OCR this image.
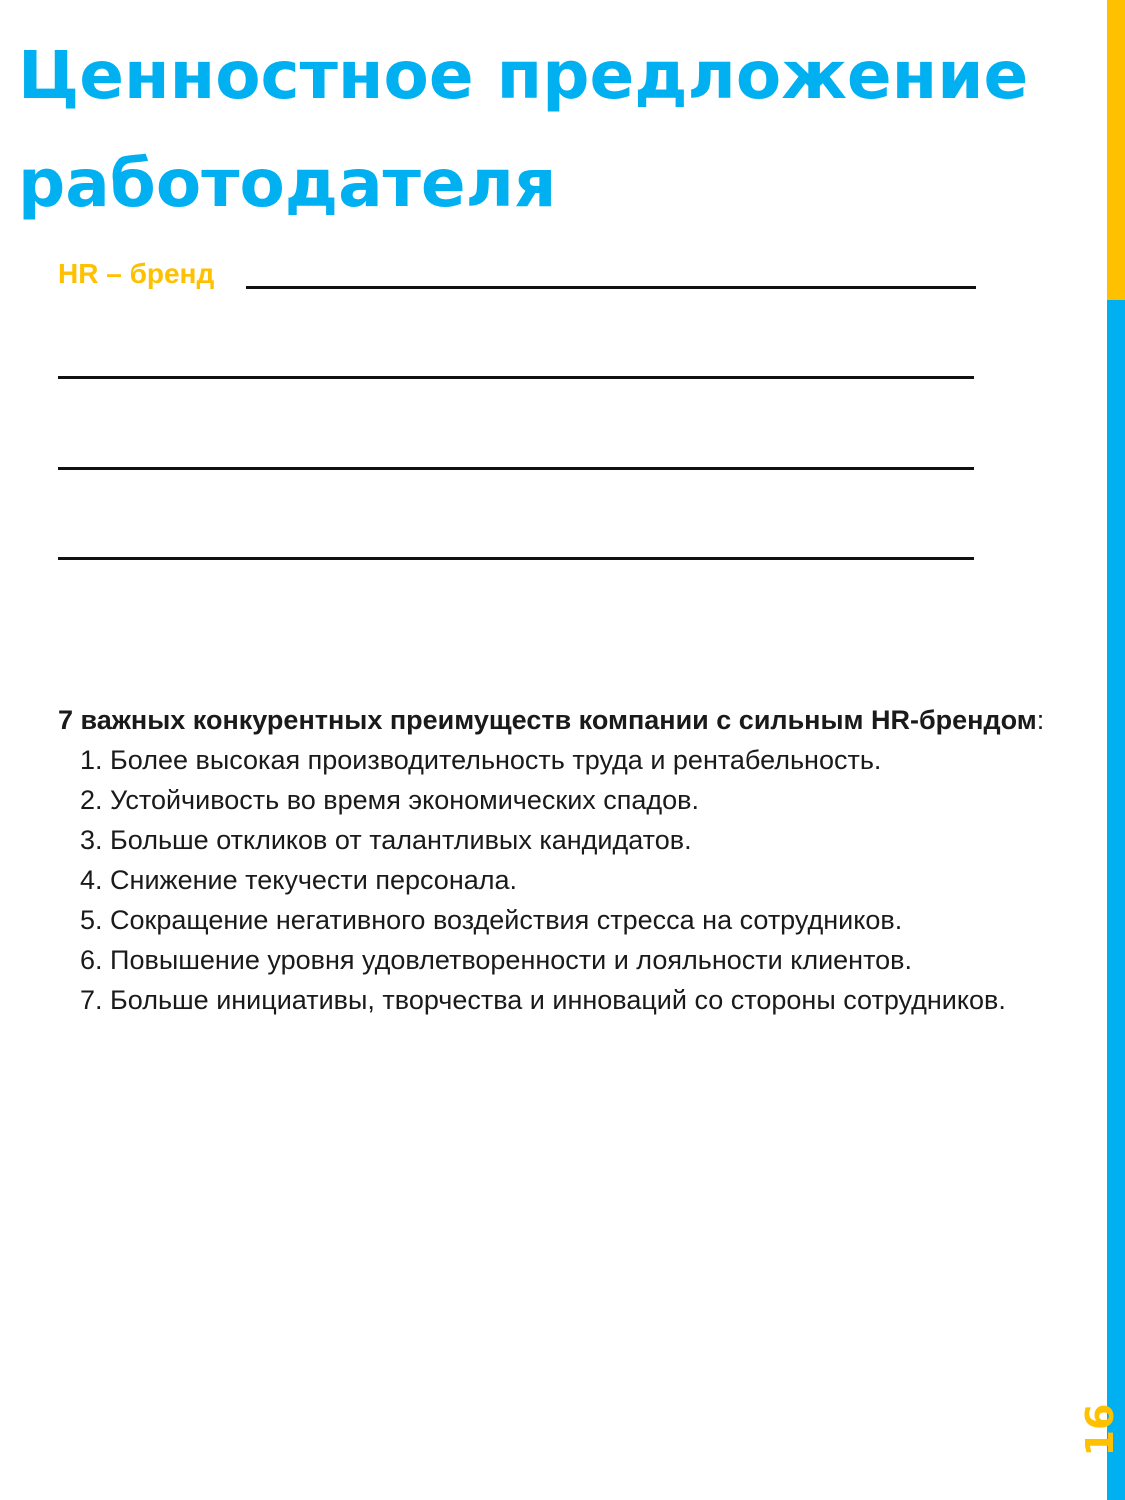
Ценностное предложение
работодателя
HR – бренд

7 важных конкурентных преимуществ компании с сильным HR-брендом:

1. Более высокая производительность труда и рентабельность.
2. Устойчивость во время экономических спадов.
3. Больше откликов от талантливых кандидатов.
4. Снижение текучести персонала.
5. Сокращение негативного воздействия стресса на сотрудников.
6. Повышение уровня удовлетворенности и лояльности клиентов.
7. Больше инициативы, творчества и инноваций со стороны сотрудников.
16
